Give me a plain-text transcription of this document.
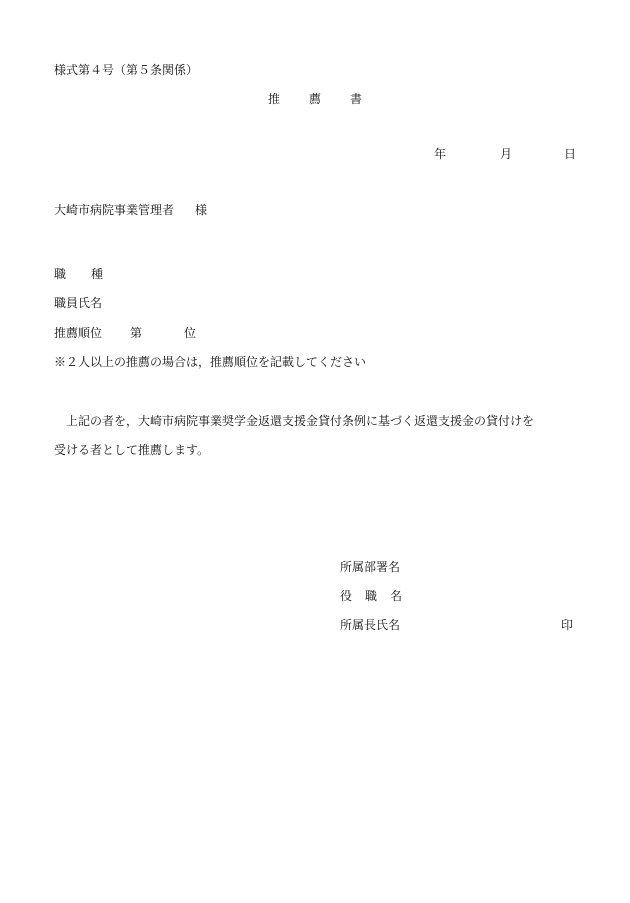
様式第４号（第５条関係）
推 薦 書
年	月	日
大崎市病院事業管理者 様
職 種
職員氏名
推薦順位 第	位
※２人以上の推薦の場合は，推薦順位を記載してください
上記の者を，大崎市病院事業奨学金返還支援金貸付条例に基づく返還支援金の貸付けを
受ける者として推薦します。
所属部署名
役 職 名
所属長氏名	印
